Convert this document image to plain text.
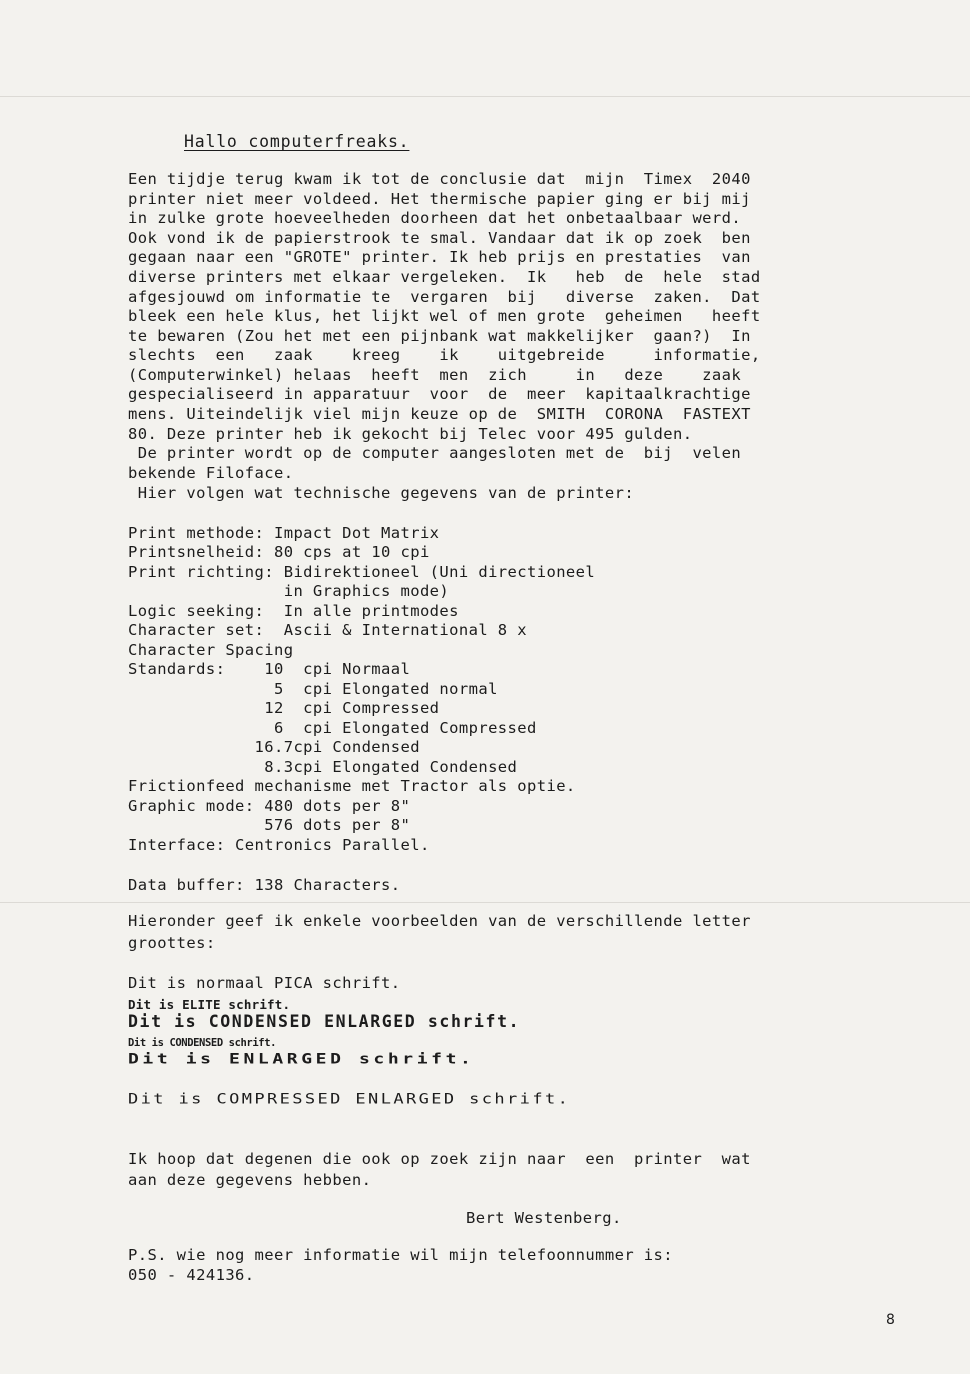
Hallo computerfreaks.
Een tijdje terug kwam ik tot de conclusie dat  mijn  Timex  2040
printer niet meer voldeed. Het thermische papier ging er bij mij
in zulke grote hoeveelheden doorheen dat het onbetaalbaar werd.
Ook vond ik de papierstrook te smal. Vandaar dat ik op zoek  ben
gegaan naar een "GROTE" printer. Ik heb prijs en prestaties  van
diverse printers met elkaar vergeleken.  Ik   heb  de  hele  stad
afgesjouwd om informatie te  vergaren  bij   diverse  zaken.  Dat
bleek een hele klus, het lijkt wel of men grote  geheimen   heeft
te bewaren (Zou het met een pijnbank wat makkelijker  gaan?)  In
slechts  een   zaak    kreeg    ik    uitgebreide     informatie,
(Computerwinkel) helaas  heeft  men  zich     in   deze    zaak
gespecialiseerd in apparatuur  voor  de  meer  kapitaalkrachtige
mens. Uiteindelijk viel mijn keuze op de  SMITH  CORONA  FASTEXT
80. Deze printer heb ik gekocht bij Telec voor 495 gulden.
De printer wordt op de computer aangesloten met de  bij  velen
bekende Filofacе.
Hier volgen wat technische gegevens van de printer:
Print methode: Impact Dot Matrix
Printsnelheid: 80 cps at 10 cpi
Print richting: Bidirektioneel (Uni directioneel
in Graphics mode)
Logic seeking:  In alle printmodes
Character set:  Ascii & International 8 x
Character Spacing
Standards:    10  cpi Normaal
5  cpi Elongated normal
12  cpi Compressed
6  cpi Elongated Compressed
16.7cpi Condensed
8.3cpi Elongated Condensed
Frictionfeed mechanisme met Tractor als optie.
Graphic mode: 480 dots per 8"
576 dots per 8"
Interface: Centronics Parallel.
Data buffer: 138 Characters.
Hieronder geef ik enkele voorbeelden van de verschillende letter
groottes:
Dit is normaal PICA schrift.
Dit is ELITE schrift.
Dit is CONDENSED ENLARGED schrift.
Dit is CONDENSED schrift.
Dit is ENLARGED schrift.
Dit is COMPRESSED ENLARGED schrift.
Ik hoop dat degenen die ook op zoek zijn naar  een  printer  wat
aan deze gegevens hebben.
Bert Westenberg.
P.S. wie nog meer informatie wil mijn telefoonnummer is:
050 - 424136.
8
